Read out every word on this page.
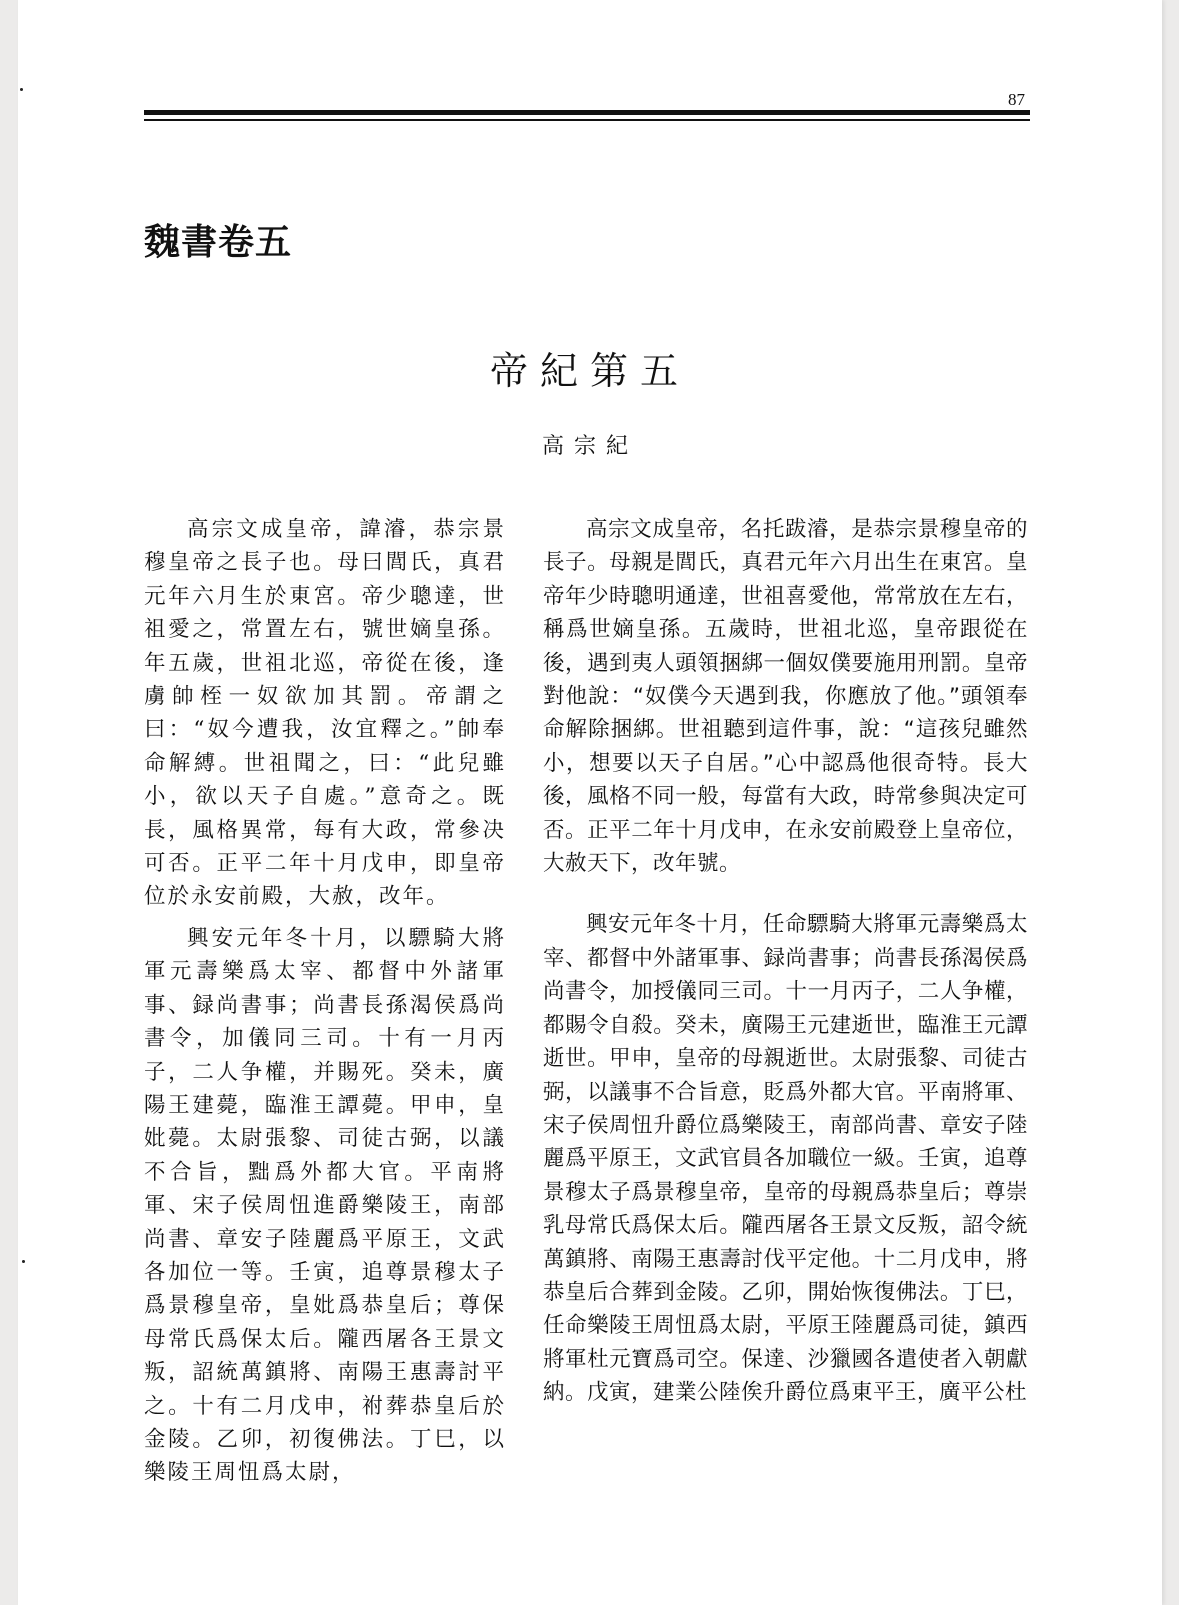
87
魏書卷五
帝紀第五
高宗紀

高宗文成皇帝，諱濬，恭宗景穆皇帝之長子也。母曰閭氏，真君元年六月生於東宮。帝少聰達，世祖愛之，常置左右，號世嫡皇孫。年五歲，世祖北巡，帝從在後，逢虜帥桎一奴欲加其罰。帝謂之曰：“奴今遭我，汝宜釋之。”帥奉命解縛。世祖聞之，曰：“此兒雖小，欲以天子自處。”意奇之。既長，風格異常，每有大政，常參决可否。正平二年十月戊申，即皇帝位於永安前殿，大赦，改年。

興安元年冬十月，以驃騎大將軍元壽樂爲太宰、都督中外諸軍事、録尚書事；尚書長孫渴侯爲尚書令，加儀同三司。十有一月丙子，二人争權，并賜死。癸未，廣陽王建薨，臨淮王譚薨。甲申，皇妣薨。太尉張黎、司徒古弼，以議不合旨，黜爲外都大官。平南將軍、宋子侯周忸進爵樂陵王，南部尚書、章安子陸麗爲平原王，文武各加位一等。壬寅，追尊景穆太子爲景穆皇帝，皇妣爲恭皇后；尊保母常氏爲保太后。隴西屠各王景文叛，詔統萬鎮將、南陽王惠壽討平之。十有二月戊申，祔葬恭皇后於金陵。乙卯，初復佛法。丁巳，以樂陵王周忸爲太尉，

高宗文成皇帝，名托跋濬，是恭宗景穆皇帝的長子。母親是閭氏，真君元年六月出生在東宮。皇帝年少時聰明通達，世祖喜愛他，常常放在左右，稱爲世嫡皇孫。五歲時，世祖北巡，皇帝跟從在後，遇到夷人頭領捆綁一個奴僕要施用刑罰。皇帝對他說：“奴僕今天遇到我，你應放了他。”頭領奉命解除捆綁。世祖聽到這件事，說：“這孩兒雖然小，想要以天子自居。”心中認爲他很奇特。長大後，風格不同一般，每當有大政，時常參與决定可否。正平二年十月戊申，在永安前殿登上皇帝位，大赦天下，改年號。

興安元年冬十月，任命驃騎大將軍元壽樂爲太宰、都督中外諸軍事、録尚書事；尚書長孫渴侯爲尚書令，加授儀同三司。十一月丙子，二人争權，都賜令自殺。癸未，廣陽王元建逝世，臨淮王元譚逝世。甲申，皇帝的母親逝世。太尉張黎、司徒古弼，以議事不合旨意，貶爲外都大官。平南將軍、宋子侯周忸升爵位爲樂陵王，南部尚書、章安子陸麗爲平原王，文武官員各加職位一級。壬寅，追尊景穆太子爲景穆皇帝，皇帝的母親爲恭皇后；尊崇乳母常氏爲保太后。隴西屠各王景文反叛，詔令統萬鎮將、南陽王惠壽討伐平定他。十二月戊申，將恭皇后合葬到金陵。乙卯，開始恢復佛法。丁巳，任命樂陵王周忸爲太尉，平原王陸麗爲司徒，鎮西將軍杜元寶爲司空。保達、沙獵國各遣使者入朝獻納。戊寅，建業公陸俟升爵位爲東平王，廣平公杜
